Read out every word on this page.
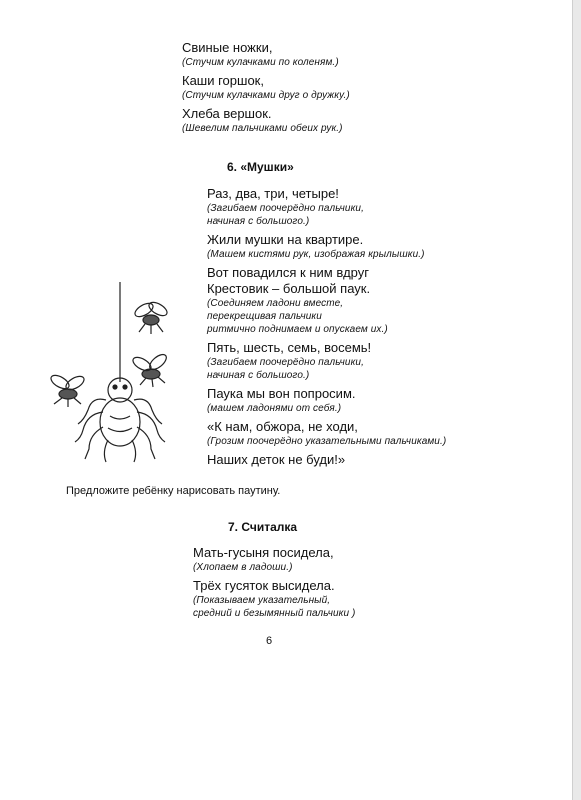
Свиные ножки,
(Стучим кулачками по коленям.)
Каши горшок,
(Стучим кулачками друг о дружку.)
Хлеба вершок.
(Шевелим пальчиками обеих рук.)
6. «Мушки»
Раз, два, три, четыре!
(Загибаем поочерёдно пальчики,
начиная с большого.)
Жили мушки на квартире.
(Машем кистями рук, изображая крылышки.)
Вот повадился к ним вдруг
Крестовик – большой паук.
(Соединяем ладони вместе,
перекрещивая пальчики
ритмично поднимаем и опускаем их.)
Пять, шесть, семь, восемь!
(Загибаем поочерёдно пальчики,
начиная с большого.)
Паука мы вон попросим.
(машем ладонями от себя.)
«К нам, обжора, не ходи,
(Грозим поочерёдно указательными пальчиками.)
Наших деток не буди!»
Предложите ребёнку нарисовать паутину.
7. Считалка
Мать-гусыня посидела,
(Хлопаем в ладоши.)
Трёх гусяток высидела.
(Показываем указательный,
средний и безымянный пальчики )
6
